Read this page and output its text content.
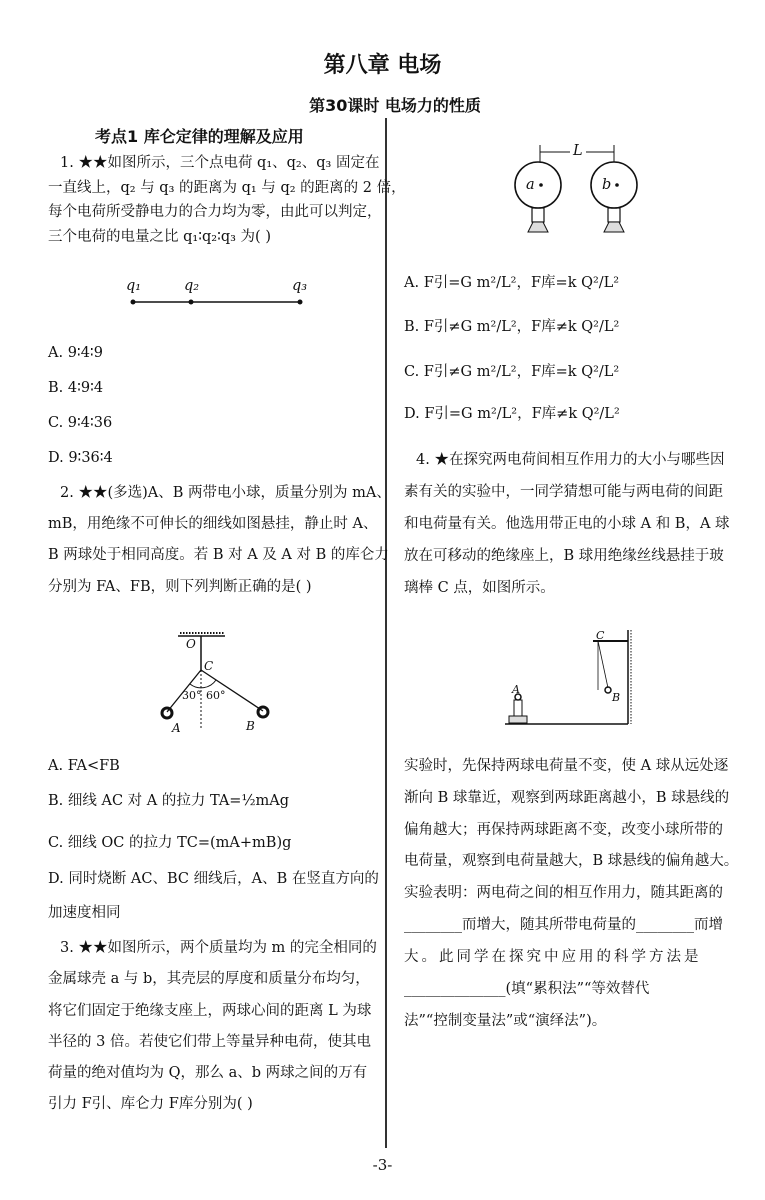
第八章 电场
第30课时 电场力的性质
考点1 库仑定律的理解及应用
1. ★★如图所示，三个点电荷 q₁、q₂、q₃ 固定在
一直线上，q₂ 与 q₃ 的距离为 q₁ 与 q₂ 的距离的 2 倍，
每个电荷所受静电力的合力均为零，由此可以判定，
三个电荷的电量之比 q₁∶q₂∶q₃ 为( )
q₁	q₂	q₃
A. 9∶4∶9
B. 4∶9∶4
C. 9∶4∶36
D. 9∶36∶4
2. ★★(多选)A、B 两带电小球，质量分别为 mA、
mB，用绝缘不可伸长的细线如图悬挂，静止时 A、
B 两球处于相同高度。若 B 对 A 及 A 对 B 的库仑力
分别为 FA、FB，则下列判断正确的是( )
O
C
30° 60°
A	B
A. FA<FB
B. 细线 AC 对 A 的拉力 TA=½mAg
C. 细线 OC 的拉力 TC=(mA+mB)g
D. 同时烧断 AC、BC 细线后，A、B 在竖直方向的
加速度相同
3. ★★如图所示，两个质量均为 m 的完全相同的
金属球壳 a 与 b，其壳层的厚度和质量分布均匀，
将它们固定于绝缘支座上，两球心间的距离 L 为球
半径的 3 倍。若使它们带上等量异种电荷，使其电
荷量的绝对值均为 Q，那么 a、b 两球之间的万有
引力 F引、库仑力 F库分别为( )
L
a	b
A. F引=G m²/L²，F库=k Q²/L²
B. F引≠G m²/L²，F库≠k Q²/L²
C. F引≠G m²/L²，F库=k Q²/L²
D. F引=G m²/L²，F库≠k Q²/L²
4. ★在探究两电荷间相互作用力的大小与哪些因
素有关的实验中，一同学猜想可能与两电荷的间距
和电荷量有关。他选用带正电的小球 A 和 B，A 球
放在可移动的绝缘座上，B 球用绝缘丝线悬挂于玻
璃棒 C 点，如图所示。
A
C
B
实验时，先保持两球电荷量不变，使 A 球从远处逐
渐向 B 球靠近，观察到两球距离越小，B 球悬线的
偏角越大；再保持两球距离不变，改变小球所带的
电荷量，观察到电荷量越大，B 球悬线的偏角越大。
实验表明：两电荷之间的相互作用力，随其距离的
________而增大，随其所带电荷量的________而增
大。此同学在探究中应用的科学方法是
______________(填“累积法”“等效替代
法”“控制变量法”或“演绎法”)。
-3-
